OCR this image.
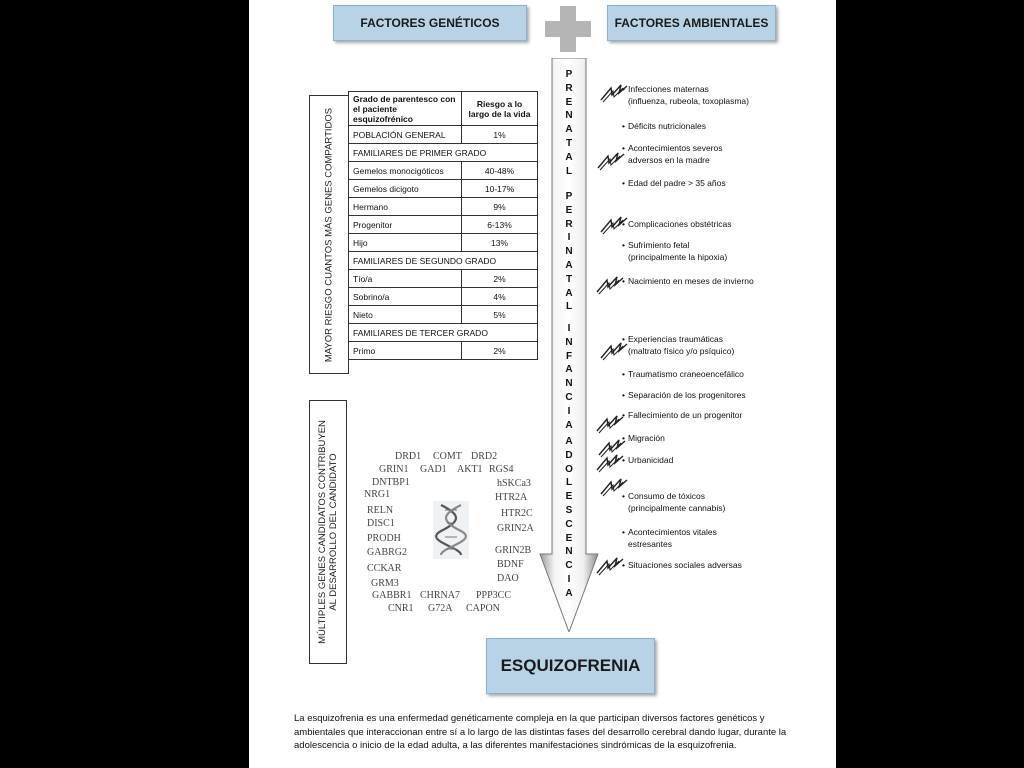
FACTORES GENÉTICOS	FACTORES AMBIENTALES
MAYOR RIESGO CUANTOS MÁS GENES COMPARTIDOS
Grado de parentesco con el paciente esquizofrénico	Riesgo a lo largo de la vida
POBLACIÓN GENERAL	1%
FAMILIARES DE PRIMER GRADO	
Gemelos monocigóticos	40-48%
Gemelos dicigoto	10-17%
Hermano	9%
Progenitor	6-13%
Hijo	13%
FAMILIARES DE SEGUNDO GRADO	
Tío/a	2%
Sobrino/a	4%
Nieto	5%
FAMILIARES DE TERCER GRADO	
Primo	2%
MÚLTIPLES GENES CANDIDATOS CONTRIBUYEN AL DESARROLLO DEL CANDIDATO	DRD1 COMT DRD2
GRIN1 GAD1 AKT1 RGS4
DNTBP1	hSKCa3
NRG1	HTR2A
RELN	HTR2C
DISC1	GRIN2A
PRODH
GRIN2B
GABRG2
BDNF
CCKAR
DAO
GRM3
GABBR1 CHRNA7 PPP3CC
CNR1 G72A CAPON
P
R
E
N
A
T
A
L
P
E
R
I
N
A
T
A
L
I
N
F
A
N
C
I
A
A
D
O
L
E
S
C
E
N
C
I
A
• Infecciones maternas
(influenza, rubeola, toxoplasma)
• Déficits nutricionales
• Acontecimientos severos
adversos en la madre
• Edad del padre > 35 años
• Complicaciones obstétricas
• Sufrimiento fetal
(principalmente la hipoxia)
• Nacimiento en meses de invierno
• Experiencias traumáticas
(maltrato físico y/o psíquico)
• Traumatismo craneoencefálico
• Separación de los progenitores
• Fallecimiento de un progenitor
• Migración
• Urbanicidad
• Consumo de tóxicos
(principalmente cannabis)
• Acontecimientos vitales
estresantes
• Situaciones sociales adversas
ESQUIZOFRENIA
La esquizofrenia es una enfermedad genéticamente compleja en la que participan diversos factores genéticos y ambientales que interaccionan entre sí a lo largo de las distintas fases del desarrollo cerebral dando lugar, durante la adolescencia o inicio de la edad adulta, a las diferentes manifestaciones sindrómicas de la esquizofrenia.
